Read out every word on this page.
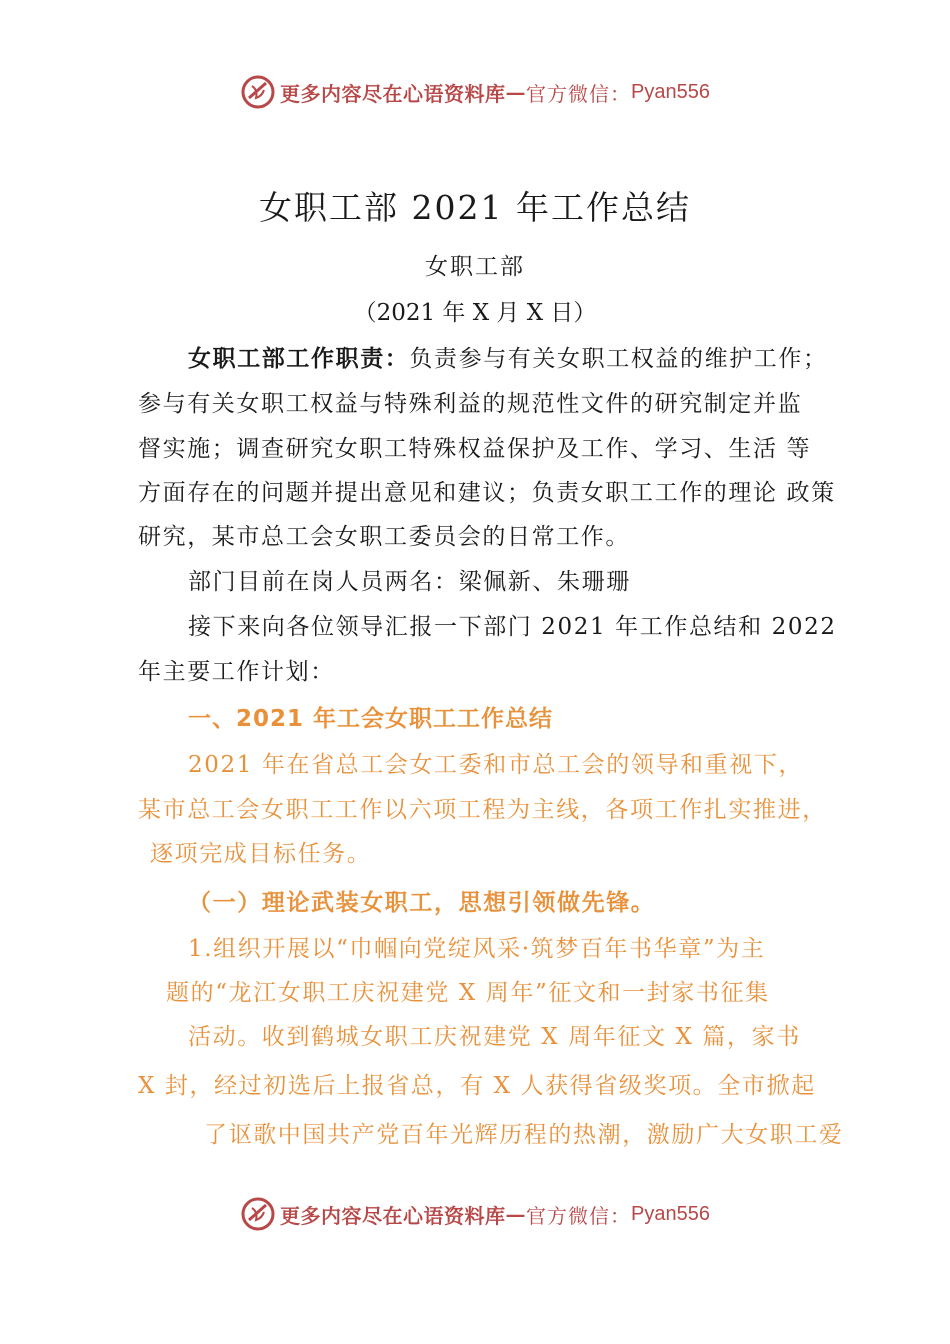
更多内容尽在心语资料库 — 官方微信： Pyan556
女职工部 2021 年工作总结
女职工部
（2021 年 X 月 X 日）
女职工部工作职责：负责参与有关女职工权益的维护工作；
参与有关女职工权益与特殊利益的规范性文件的研究制定并监
督实施；调查研究女职工特殊权益保护及工作、学习、生活 等
方面存在的问题并提出意见和建议；负责女职工工作的理论 政策
研究，某市总工会女职工委员会的日常工作。
部门目前在岗人员两名：梁佩新、朱珊珊
接下来向各位领导汇报一下部门 2021 年工作总结和 2022
年主要工作计划：
一、2021 年工会女职工工作总结
2021 年在省总工会女工委和市总工会的领导和重视下，
某市总工会女职工工作以六项工程为主线，各项工作扎实推进，
逐项完成目标任务。
（一）理论武装女职工，思想引领做先锋。
1.组织开展以“巾帼向党绽风采·筑梦百年书华章”为主
题的“龙江女职工庆祝建党 X 周年”征文和一封家书征集
活动。收到鹤城女职工庆祝建党 X 周年征文 X 篇，家书
X 封，经过初选后上报省总，有 X 人获得省级奖项。全市掀起
了讴歌中国共产党百年光辉历程的热潮，激励广大女职工爱
更多内容尽在心语资料库 — 官方微信： Pyan556
